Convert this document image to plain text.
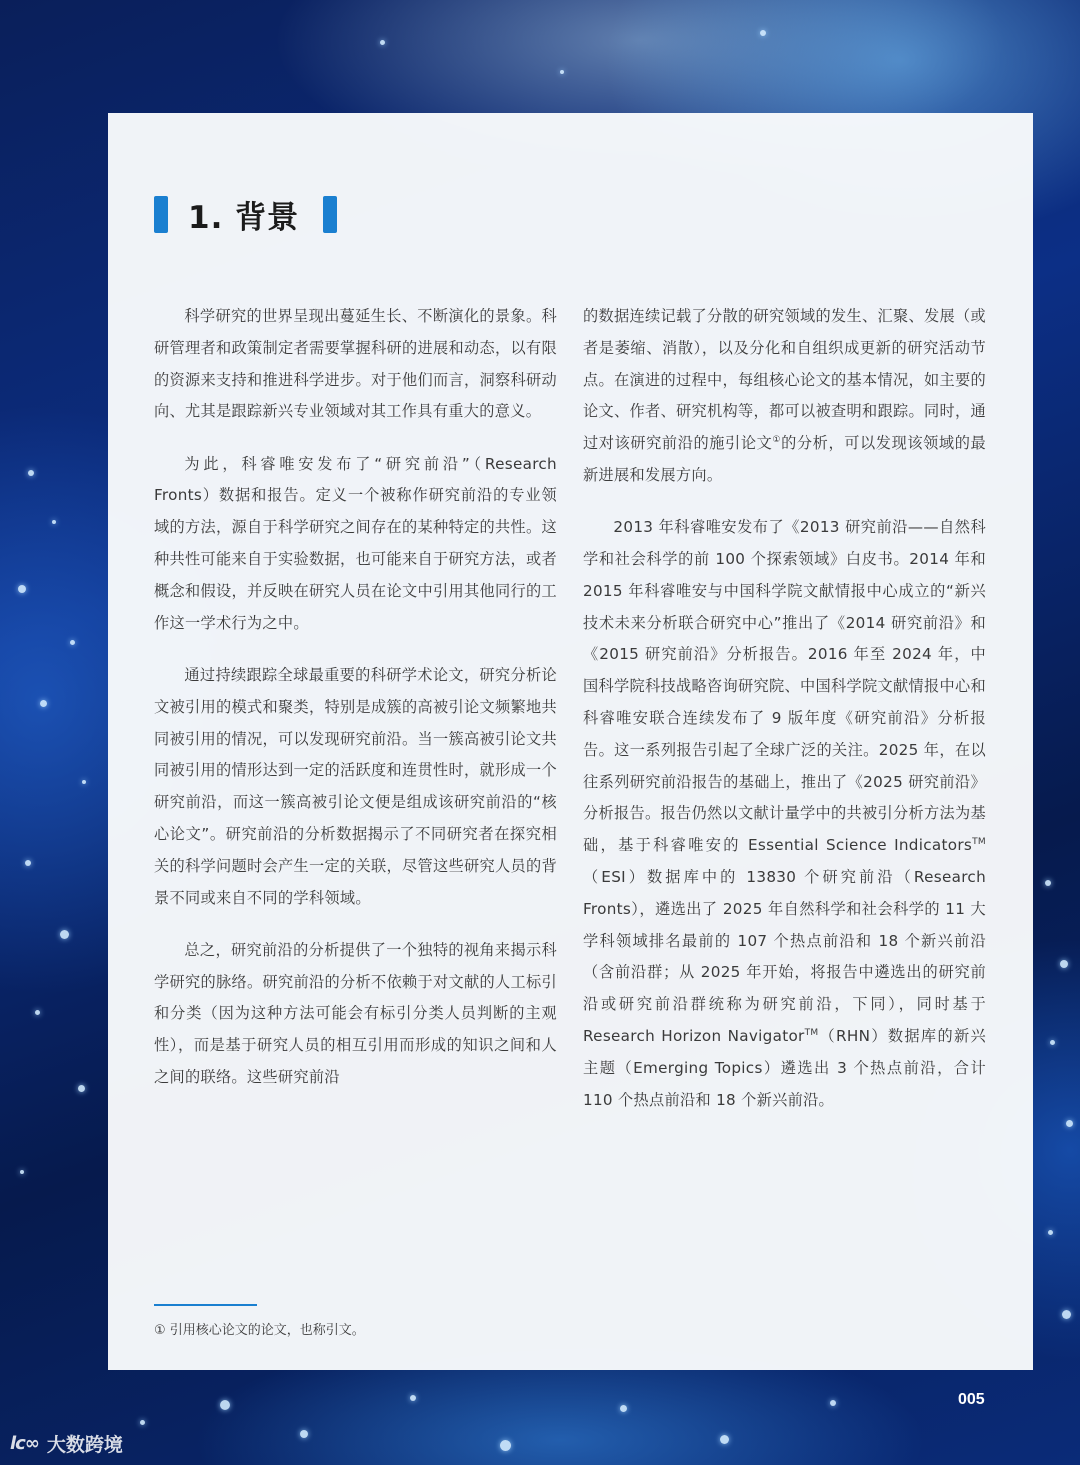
1. 背景

科学研究的世界呈现出蔓延生长、不断演化的景象。科研管理者和政策制定者需要掌握科研的进展和动态，以有限的资源来支持和推进科学进步。对于他们而言，洞察科研动向、尤其是跟踪新兴专业领域对其工作具有重大的意义。

为此，科睿唯安发布了“研究前沿”（Research Fronts）数据和报告。定义一个被称作研究前沿的专业领域的方法，源自于科学研究之间存在的某种特定的共性。这种共性可能来自于实验数据，也可能来自于研究方法，或者概念和假设，并反映在研究人员在论文中引用其他同行的工作这一学术行为之中。

通过持续跟踪全球最重要的科研学术论文，研究分析论文被引用的模式和聚类，特别是成簇的高被引论文频繁地共同被引用的情况，可以发现研究前沿。当一簇高被引论文共同被引用的情形达到一定的活跃度和连贯性时，就形成一个研究前沿，而这一簇高被引论文便是组成该研究前沿的“核心论文”。研究前沿的分析数据揭示了不同研究者在探究相关的科学问题时会产生一定的关联，尽管这些研究人员的背景不同或来自不同的学科领域。

总之，研究前沿的分析提供了一个独特的视角来揭示科学研究的脉络。研究前沿的分析不依赖于对文献的人工标引和分类（因为这种方法可能会有标引分类人员判断的主观性），而是基于研究人员的相互引用而形成的知识之间和人之间的联络。这些研究前沿

的数据连续记载了分散的研究领域的发生、汇聚、发展（或者是萎缩、消散），以及分化和自组织成更新的研究活动节点。在演进的过程中，每组核心论文的基本情况，如主要的论文、作者、研究机构等，都可以被查明和跟踪。同时，通过对该研究前沿的施引论文①的分析，可以发现该领域的最新进展和发展方向。

2013 年科睿唯安发布了《2013 研究前沿——自然科学和社会科学的前 100 个探索领域》白皮书。2014 年和 2015 年科睿唯安与中国科学院文献情报中心成立的“新兴技术未来分析联合研究中心”推出了《2014 研究前沿》和《2015 研究前沿》分析报告。2016 年至 2024 年，中国科学院科技战略咨询研究院、中国科学院文献情报中心和科睿唯安联合连续发布了 9 版年度《研究前沿》分析报告。这一系列报告引起了全球广泛的关注。2025 年，在以往系列研究前沿报告的基础上，推出了《2025 研究前沿》分析报告。报告仍然以文献计量学中的共被引分析方法为基础，基于科睿唯安的 Essential Science Indicators™（ESI）数据库中的 13830 个研究前沿（Research Fronts），遴选出了 2025 年自然科学和社会科学的 11 大学科领域排名最前的 107 个热点前沿和 18 个新兴前沿（含前沿群；从 2025 年开始，将报告中遴选出的研究前沿或研究前沿群统称为研究前沿，下同），同时基于 Research Horizon Navigator™（RHN）数据库的新兴主题（Emerging Topics）遴选出 3 个热点前沿，合计 110 个热点前沿和 18 个新兴前沿。

① 引用核心论文的论文，也称引文。
005
lc∞ 大数跨境
